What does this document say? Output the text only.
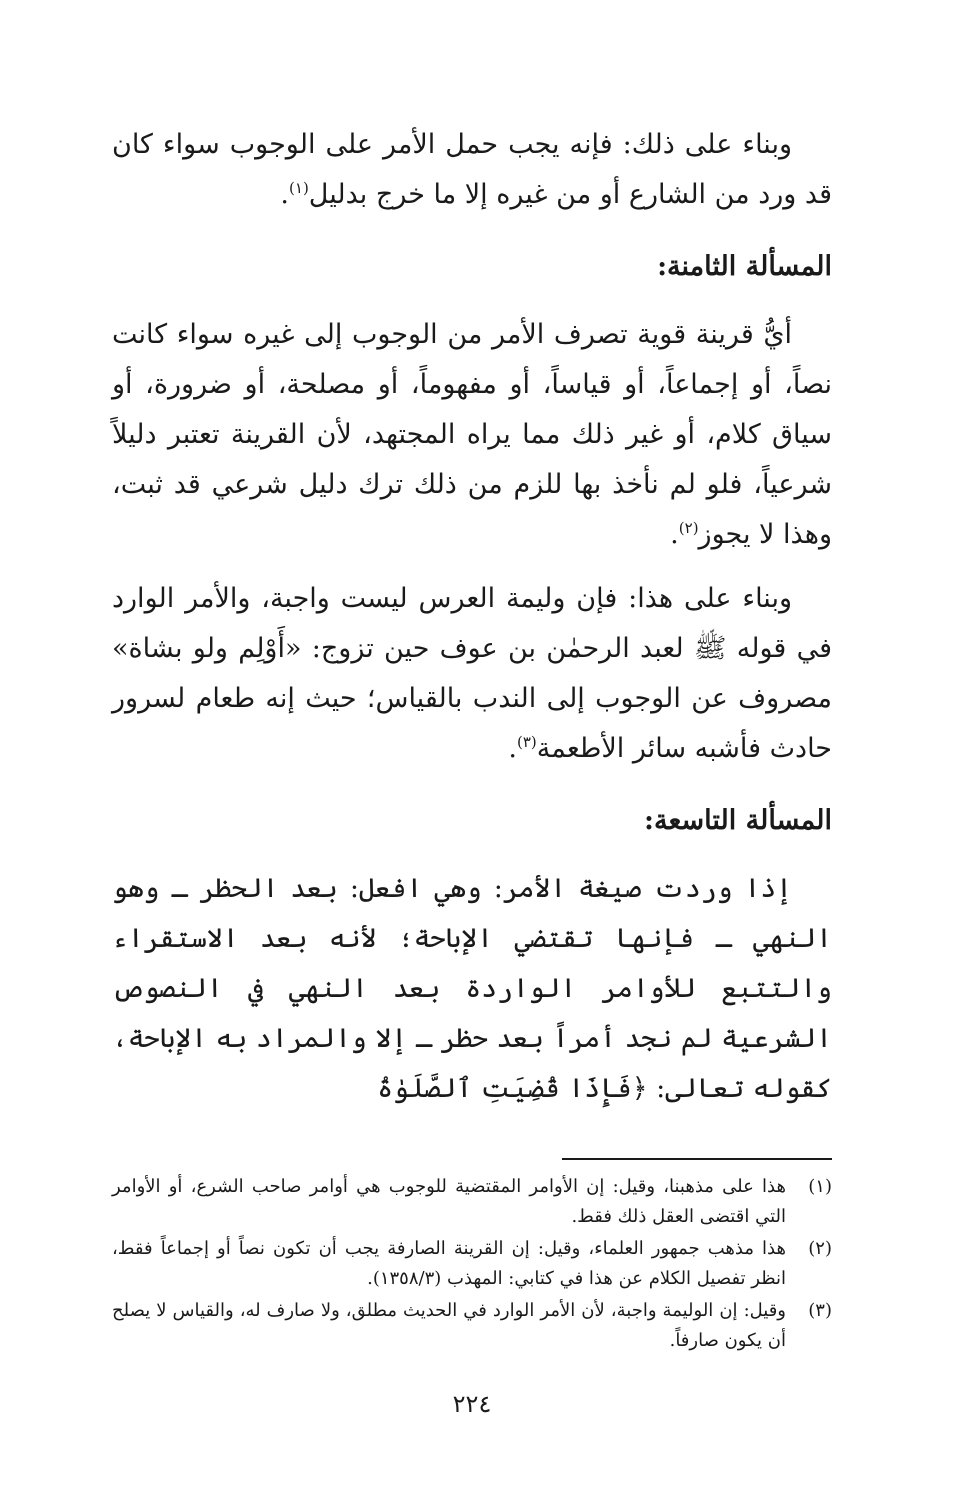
وبناء على ذلك: فإنه يجب حمل الأمر على الوجوب سواء كان قد ورد من الشارع أو من غيره إلا ما خرج بدليل$^{(١)}$.
المسألة الثامنة:
أيُّ قرينة قوية تصرف الأمر من الوجوب إلى غيره سواء كانت نصاً، أو إجماعاً، أو قياساً، أو مفهوماً، أو مصلحة، أو ضرورة، أو سياق كلام، أو غير ذلك مما يراه المجتهد، لأن القرينة تعتبر دليلاً شرعياً، فلو لم نأخذ بها للزم من ذلك ترك دليل شرعي قد ثبت، وهذا لا يجوز$^{(٢)}$.
وبناء على هذا: فإن وليمة العرس ليست واجبة، والأمر الوارد في قوله ﷺ لعبد الرحمٰن بن عوف حين تزوج: «أَوْلِم ولو بشاة» مصروف عن الوجوب إلى الندب بالقياس؛ حيث إنه طعام لسرور حادث فأشبه سائر الأطعمة$^{(٣)}$.
المسألة التاسعة:
إذا وردت صيغة الأمر: وهي افعل: بعد الحظر ـ وهو النهي ـ فإنها تقتضي الإباحة؛ لأنه بعد الاستقراء والتتبع للأوامر الواردة بعد النهي في النصوص الشرعية لم نجد أمراً بعد حظر ـ إلا والمراد به الإباحة، كقوله تعالى: ﴿فَإِذَا قُضِيَتِ ٱلصَّلَوٰةُ
(١)
هذا على مذهبنا، وقيل: إن الأوامر المقتضية للوجوب هي أوامر صاحب الشرع، أو الأوامر التي اقتضى العقل ذلك فقط.
(٢)
هذا مذهب جمهور العلماء، وقيل: إن القرينة الصارفة يجب أن تكون نصاً أو إجماعاً فقط، انظر تفصيل الكلام عن هذا في كتابي: المهذب (١٣٥٨/٣).
(٣)
وقيل: إن الوليمة واجبة، لأن الأمر الوارد في الحديث مطلق، ولا صارف له، والقياس لا يصلح أن يكون صارفاً.
٢٢٤
